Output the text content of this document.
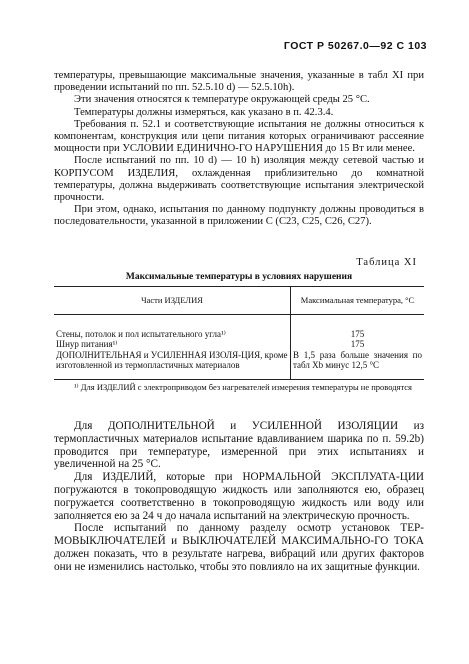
ГОСТ Р 50267.0—92 С 103

температуры, превышающие максимальные значения, указанные в табл XI при проведении испытаний по пп. 52.5.10 d) — 52.5.10h).

Эти значения относятся к температуре окружающей среды 25 °С.

Температуры должны измеряться, как указано в п. 42.3.4.

Требования п. 52.1 и соответствующие испытания не должны относиться к компонентам, конструкция или цепи питания которых ограничивают рассеяние мощности при УСЛОВИИ ЕДИНИЧНО-ГО НАРУШЕНИЯ до 15 Вт или менее.

После испытаний по пп. 10 d) — 10 h) изоляция между сетевой частью и КОРПУСОМ ИЗДЕЛИЯ, охлажденная приблизительно до комнатной температуры, должна выдерживать соответствующие испытания электрической прочности.

При этом, однако, испытания по данному подпункту должны проводиться в последовательности, указанной в приложении С (С23, С25, С26, С27).

Таблица XI
Максимальные температуры в условиях нарушения
Части ИЗДЕЛИЯ	Максимальная температура, °С
Стены, потолок и пол испытательного угла¹⁾	175
Шнур питания¹⁾	175
ДОПОЛНИТЕЛЬНАЯ и УСИЛЕННАЯ ИЗОЛЯ-ЦИЯ, кроме изготовленной из термопластичных материалов	В 1,5 раза больше значения по табл Хb минус 12,5 °С
¹⁾ Для ИЗДЕЛИЙ с электроприводом без нагревателей измерения температуры не проводятся

Для ДОПОЛНИТЕЛЬНОЙ и УСИЛЕННОЙ ИЗОЛЯЦИИ из термопластичных материалов испытание вдавливанием шарика по п. 59.2b) проводится при температуре, измеренной при этих испытаниях и увеличенной на 25 °С.

Для ИЗДЕЛИЙ, которые при НОРМАЛЬНОЙ ЭКСПЛУАТА-ЦИИ погружаются в токопроводящую жидкость или заполняются ею, образец погружается соответственно в токопроводящую жидкость или воду или заполняется ею за 24 ч до начала испытаний на электрическую прочность.

После испытаний по данному разделу осмотр установок ТЕР-МОВЫКЛЮЧАТЕЛЕЙ и ВЫКЛЮЧАТЕЛЕЙ МАКСИМАЛЬНО-ГО ТОКА должен показать, что в результате нагрева, вибраций или других факторов они не изменились настолько, чтобы это повлияло на их защитные функции.
